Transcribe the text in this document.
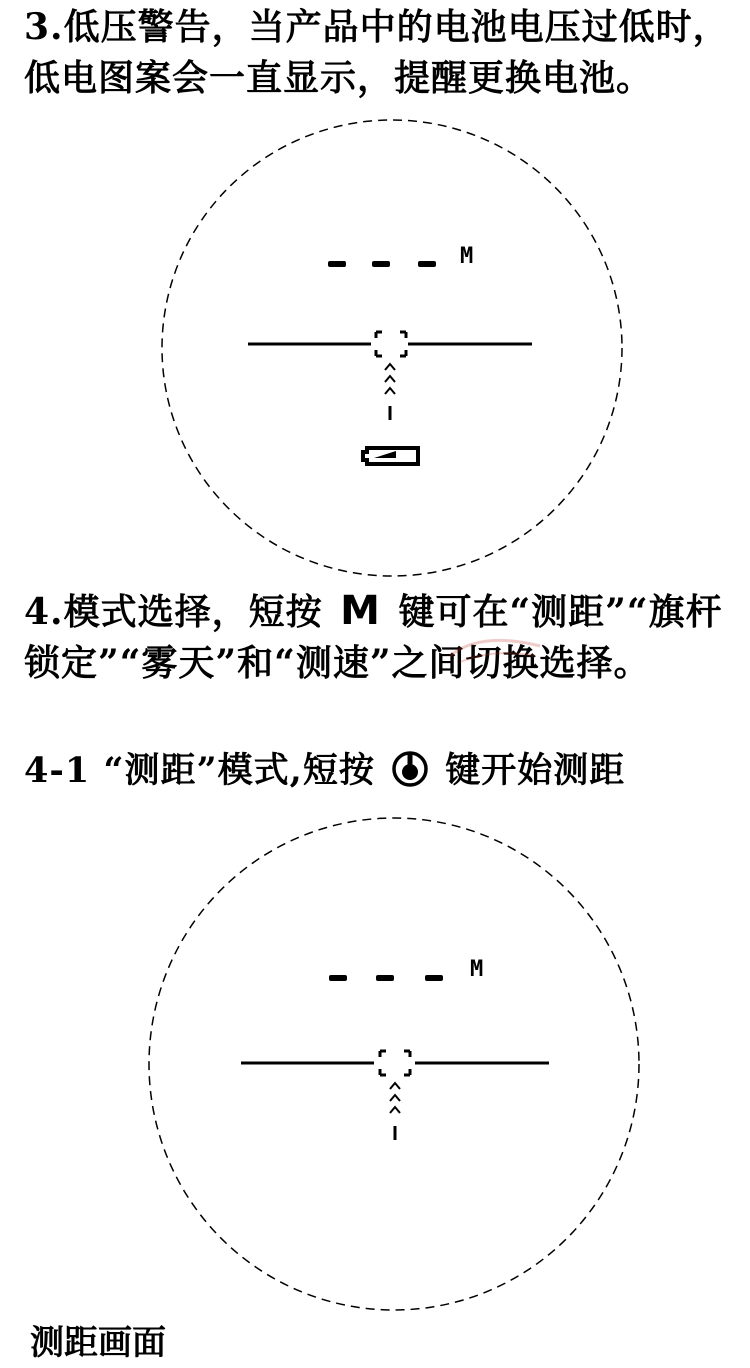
3.低压警告，当产品中的电池电压过低时，低电图案会一直显示，提醒更换电池。

M

4.模式选择，短按 M 键可在“测距”“旗杆锁定”“雾天”和“测速”之间切换选择。

4-1 “测距”模式,短按  键开始测距

M

测距画面
